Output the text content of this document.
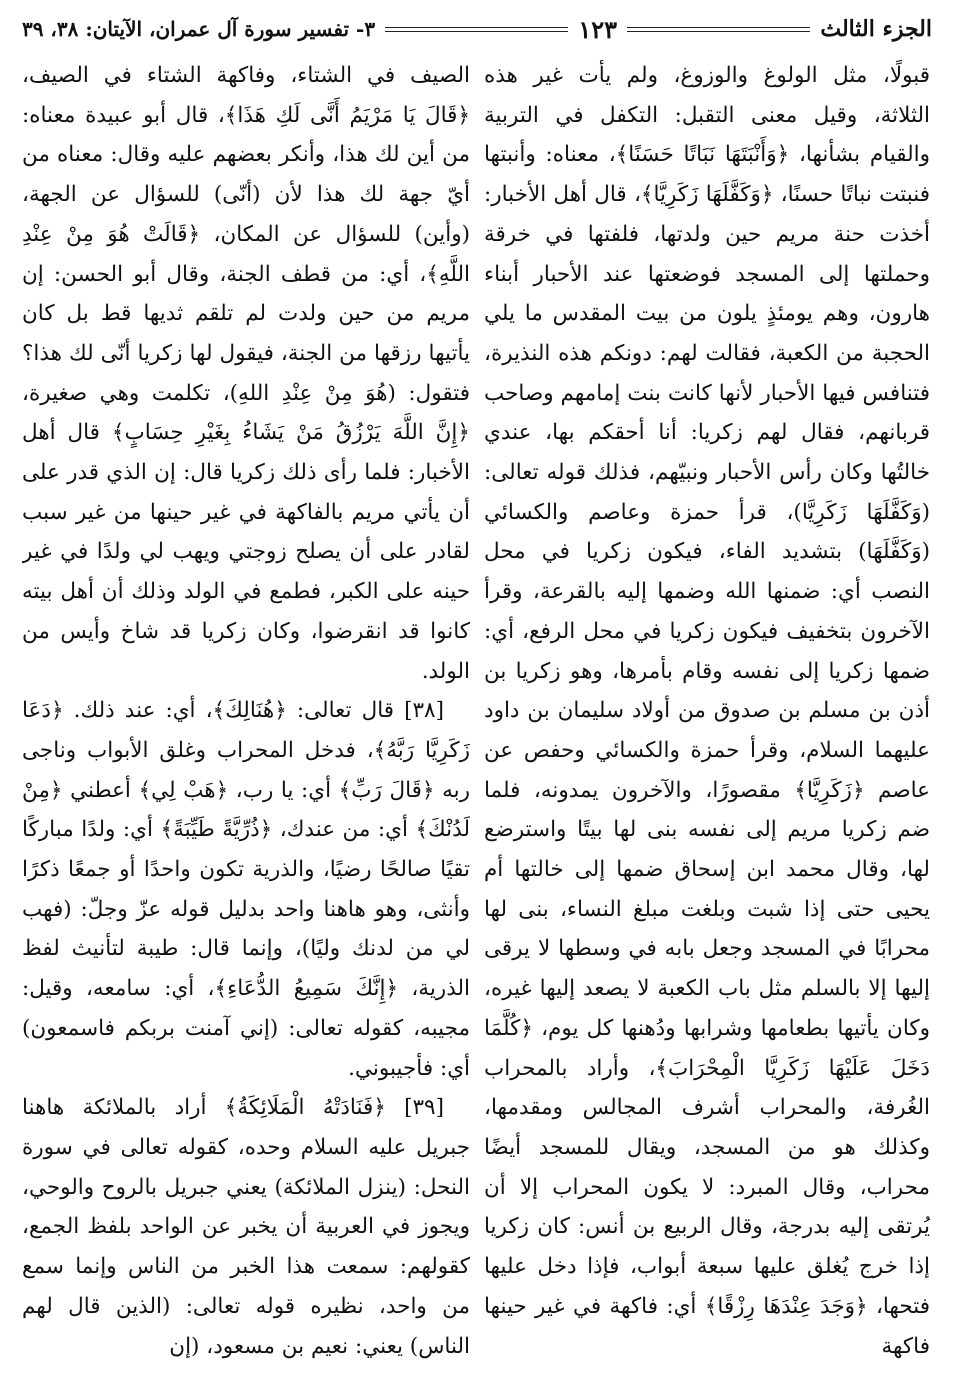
الجزء الثالث
١٢٣
٣- تفسير سورة آل عمران، الآيتان: ٣٨، ٣٩

قبولًا، مثل الولوغ والوزوغ، ولم يأت غير هذه الثلاثة، وقيل معنى التقبل: التكفل في التربية والقيام بشأنها، ﴿وَأَنْبَتَهَا نَبَاتًا حَسَنًا﴾، معناه: وأنبتها فنبتت نباتًا حسنًا، ﴿وَكَفَّلَهَا زَكَرِيَّا﴾، قال أهل الأخبار: أخذت حنة مريم حين ولدتها، فلفتها في خرقة وحملتها إلى المسجد فوضعتها عند الأحبار أبناء هارون، وهم يومئذٍ يلون من بيت المقدس ما يلي الحجبة من الكعبة، فقالت لهم: دونكم هذه النذيرة، فتنافس فيها الأحبار لأنها كانت بنت إمامهم وصاحب قربانهم، فقال لهم زكريا: أنا أحقكم بها، عندي خالتُها وكان رأس الأحبار ونبيّهم، فذلك قوله تعالى: (وَكَفَّلَهَا زَكَرِيَّا)، قرأ حمزة وعاصم والكسائي (وَكَفَّلَهَا) بتشديد الفاء، فيكون زكريا في محل النصب أي: ضمنها الله وضمها إليه بالقرعة، وقرأ الآخرون بتخفيف فيكون زكريا في محل الرفع، أي: ضمها زكريا إلى نفسه وقام بأمرها، وهو زكريا بن أذن بن مسلم بن صدوق من أولاد سليمان بن داود عليهما السلام، وقرأ حمزة والكسائي وحفص عن عاصم ﴿زَكَرِيَّا﴾ مقصورًا، والآخرون يمدونه، فلما ضم زكريا مريم إلى نفسه بنى لها بيتًا واسترضع لها، وقال محمد ابن إسحاق ضمها إلى خالتها أم يحيى حتى إذا شبت وبلغت مبلغ النساء، بنى لها محرابًا في المسجد وجعل بابه في وسطها لا يرقى إليها إلا بالسلم مثل باب الكعبة لا يصعد إليها غيره، وكان يأتيها بطعامها وشرابها ودُهنها كل يوم، ﴿كُلَّمَا دَخَلَ عَلَيْهَا زَكَرِيَّا الْمِحْرَابَ﴾، وأراد بالمحراب الغُرفة، والمحراب أشرف المجالس ومقدمها، وكذلك هو من المسجد، ويقال للمسجد أيضًا محراب، وقال المبرد: لا يكون المحراب إلا أن يُرتقى إليه بدرجة، وقال الربيع بن أنس: كان زكريا إذا خرج يُغلق عليها سبعة أبواب، فإذا دخل عليها فتحها، ﴿وَجَدَ عِنْدَهَا رِزْقًا﴾ أي: فاكهة في غير حينها فاكهة

الصيف في الشتاء، وفاكهة الشتاء في الصيف، ﴿قَالَ يَا مَرْيَمُ أَنَّى لَكِ هَذَا﴾، قال أبو عبيدة معناه: من أين لك هذا، وأنكر بعضهم عليه وقال: معناه من أيّ جهة لك هذا لأن (أنّى) للسؤال عن الجهة، (وأين) للسؤال عن المكان، ﴿قَالَتْ هُوَ مِنْ عِنْدِ اللَّهِ﴾، أي: من قطف الجنة، وقال أبو الحسن: إن مريم من حين ولدت لم تلقم ثديها قط بل كان يأتيها رزقها من الجنة، فيقول لها زكريا أنّى لك هذا؟ فتقول: (هُوَ مِنْ عِنْدِ اللهِ)، تكلمت وهي صغيرة، ﴿إِنَّ اللَّهَ يَرْزُقُ مَنْ يَشَاءُ بِغَيْرِ حِسَابٍ﴾ قال أهل الأخبار: فلما رأى ذلك زكريا قال: إن الذي قدر على أن يأتي مريم بالفاكهة في غير حينها من غير سبب لقادر على أن يصلح زوجتي ويهب لي ولدًا في غير حينه على الكبر، فطمع في الولد وذلك أن أهل بيته كانوا قد انقرضوا، وكان زكريا قد شاخ وأيس من الولد.

[٣٨] قال تعالى: ﴿هُنَالِكَ﴾، أي: عند ذلك. ﴿دَعَا زَكَرِيَّا رَبَّهُ﴾، فدخل المحراب وغلق الأبواب وناجى ربه ﴿قَالَ رَبِّ﴾ أي: يا رب، ﴿هَبْ لِي﴾ أعطني ﴿مِنْ لَدُنْكَ﴾ أي: من عندك، ﴿ذُرِّيَّةً طَيِّبَةً﴾ أي: ولدًا مباركًا تقيًا صالحًا رضيًا، والذرية تكون واحدًا أو جمعًا ذكرًا وأنثى، وهو هاهنا واحد بدليل قوله عزّ وجلّ: (فهب لي من لدنك وليًا)، وإنما قال: طيبة لتأنيث لفظ الذرية، ﴿إِنَّكَ سَمِيعُ الدُّعَاءِ﴾، أي: سامعه، وقيل: مجيبه، كقوله تعالى: (إني آمنت بربكم فاسمعون) أي: فأجيبوني.

[٣٩] ﴿فَنَادَتْهُ الْمَلَائِكَةُ﴾ أراد بالملائكة هاهنا جبريل عليه السلام وحده، كقوله تعالى في سورة النحل: (ينزل الملائكة) يعني جبريل بالروح والوحي، ويجوز في العربية أن يخبر عن الواحد بلفظ الجمع، كقولهم: سمعت هذا الخبر من الناس وإنما سمع من واحد، نظيره قوله تعالى: (الذين قال لهم الناس) يعني: نعيم بن مسعود، (إن
